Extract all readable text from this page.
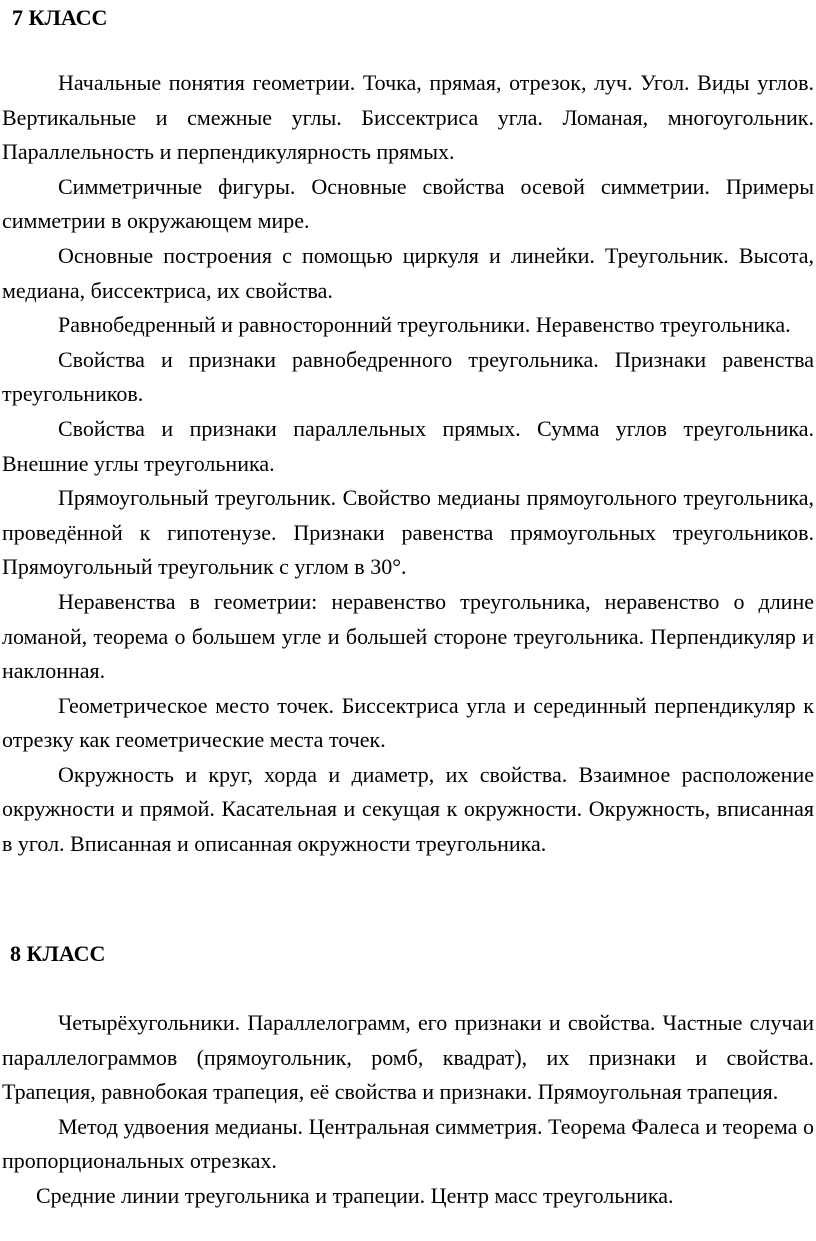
7 КЛАСС

Начальные понятия геометрии. Точка, прямая, отрезок, луч. Угол. Виды углов. Вертикальные и смежные углы. Биссектриса угла. Ломаная, многоугольник. Параллельность и перпендикулярность прямых.

Симметричные фигуры. Основные свойства осевой симметрии. Примеры симметрии в окружающем мире.

Основные построения с помощью циркуля и линейки. Треугольник. Высота, медиана, биссектриса, их свойства.

Равнобедренный и равносторонний треугольники. Неравенство треугольника.

Свойства и признаки равнобедренного треугольника. Признаки равенства треугольников.

Свойства и признаки параллельных прямых. Сумма углов треугольника. Внешние углы треугольника.

Прямоугольный треугольник. Свойство медианы прямоугольного треугольника, проведённой к гипотенузе. Признаки равенства прямоугольных треугольников. Прямоугольный треугольник с углом в 30°.

Неравенства в геометрии: неравенство треугольника, неравенство о длине ломаной, теорема о большем угле и большей стороне треугольника. Перпендикуляр и наклонная.

Геометрическое место точек. Биссектриса угла и серединный перпендикуляр к отрезку как геометрические места точек.

Окружность и круг, хорда и диаметр, их свойства. Взаимное расположение окружности и прямой. Касательная и секущая к окружности. Окружность, вписанная в угол. Вписанная и описанная окружности треугольника.

8 КЛАСС

Четырёхугольники. Параллелограмм, его признаки и свойства. Частные случаи параллелограммов (прямоугольник, ромб, квадрат), их признаки и свойства. Трапеция, равнобокая трапеция, её свойства и признаки. Прямоугольная трапеция.

Метод удвоения медианы. Центральная симметрия. Теорема Фалеса и теорема о пропорциональных отрезках.

Средние линии треугольника и трапеции. Центр масс треугольника.
